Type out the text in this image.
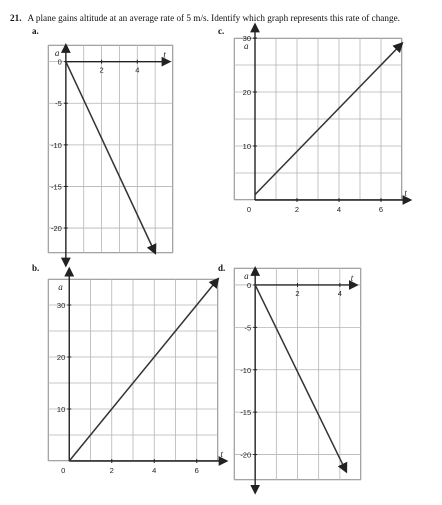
21. A plane gains altitude at an average rate of 5 m/s. Identify which graph represents this rate of change.
a.	c.
b.	d.
0
-5
-10
-15
-20
2	4
a	t
10
20
30
0	2	4	6
a
t
10
20
30
0	2	4	6
a
t
0
-5
-10
-15
-20
2	4
a	t
